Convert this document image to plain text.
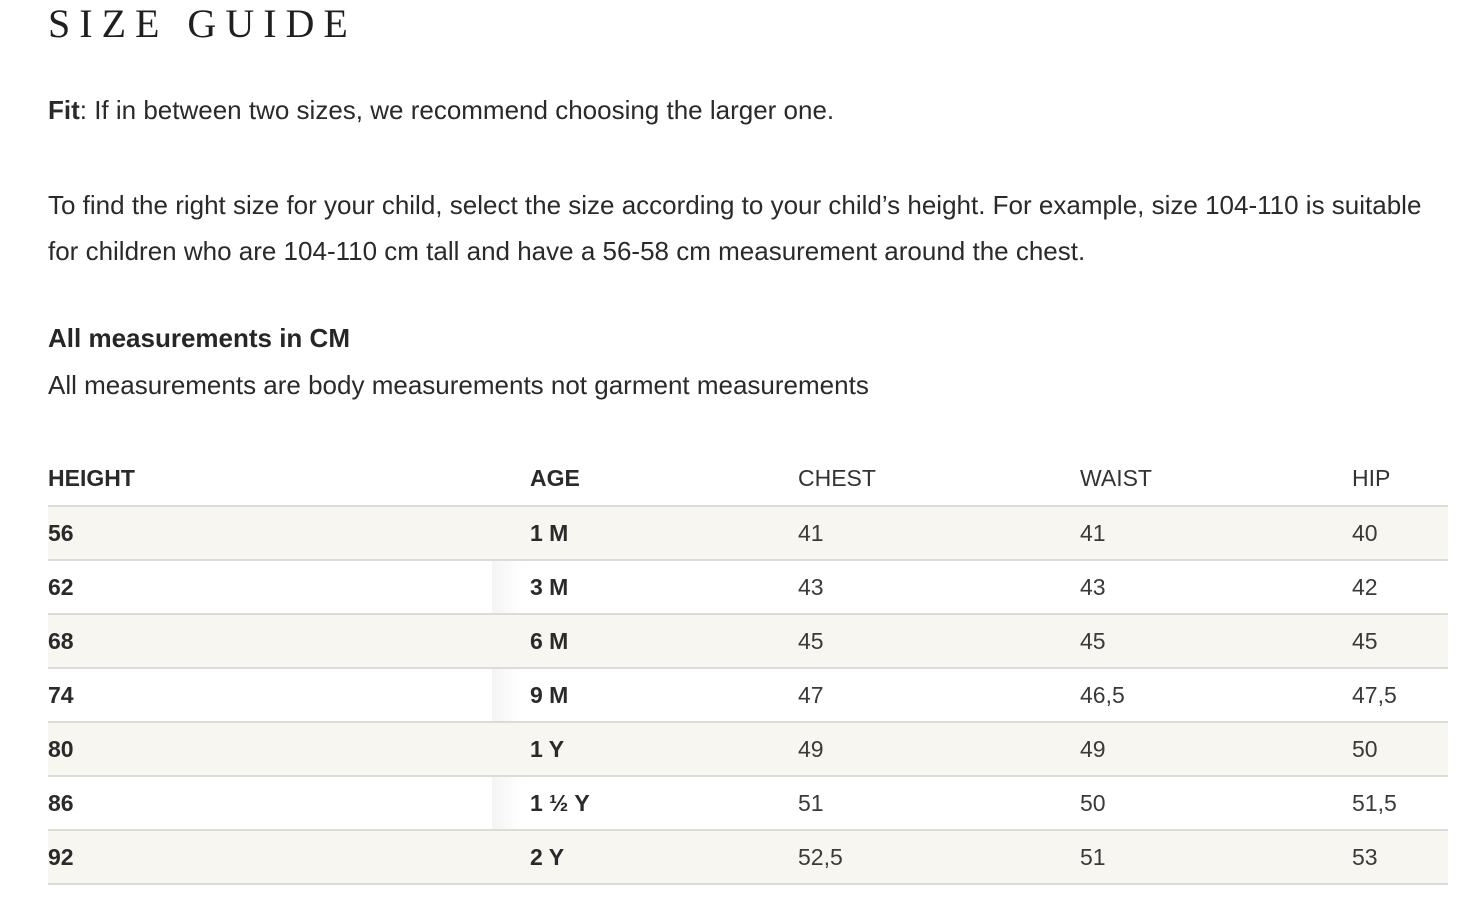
SIZE GUIDE
Fit: If in between two sizes, we recommend choosing the larger one.
To find the right size for your child, select the size according to your child’s height. For example, size 104-110 is suitable for children who are 104-110 cm tall and have a 56-58 cm measurement around the chest.
All measurements in CM
All measurements are body measurements not garment measurements
HEIGHT	AGE	CHEST	WAIST	HIP
56	1 M	41	41	40
62	3 M	43	43	42
68	6 M	45	45	45
74	9 M	47	46,5	47,5
80	1 Y	49	49	50
86	1 ½ Y	51	50	51,5
92	2 Y	52,5	51	53
